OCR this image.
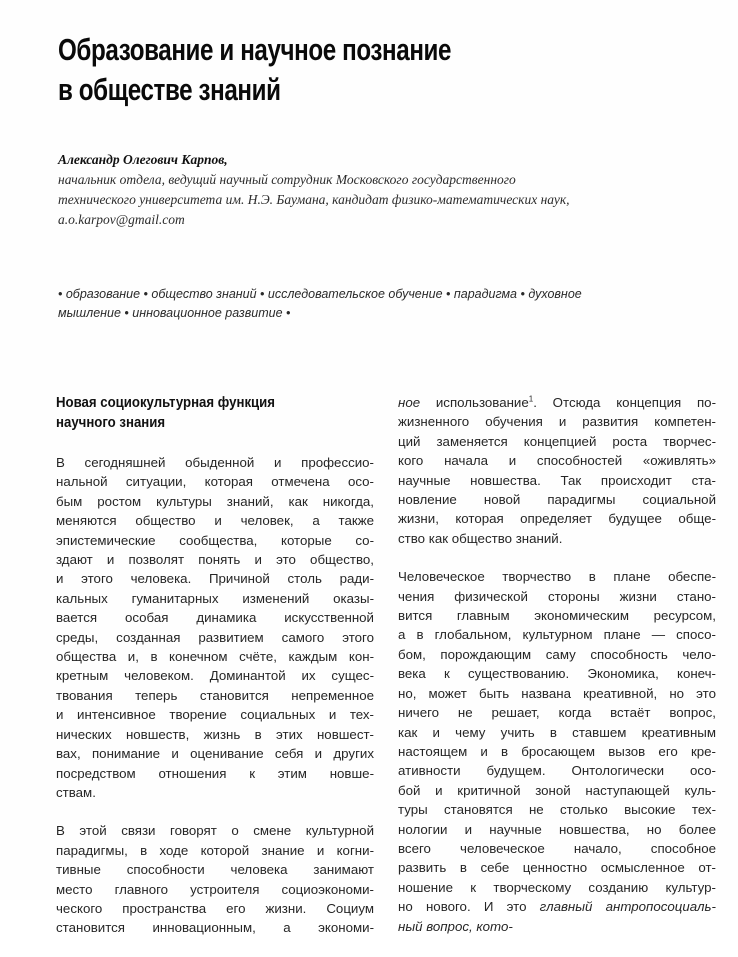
Образование и научное познание
в обществе знаний
Александр Олегович Карпов,
начальник отдела, ведущий научный сотрудник Московского государственного
технического университета им. Н.Э. Баумана, кандидат физико-математических наук,
a.o.karpov@gmail.com
• образование • общество знаний • исследовательское обучение • парадигма • духовное
мышление • инновационное развитие •
Новая социокультурная функция
научного знания
В сегодняшней обыденной и профессио-
нальной ситуации, которая отмечена осо-
бым ростом культуры знаний, как никогда,
меняются общество и человек, а также
эпистемические сообщества, которые со-
здают и позволят понять и это общество,
и этого человека. Причиной столь ради-
кальных гуманитарных изменений оказы-
вается особая динамика искусственной
среды, созданная развитием самого этого
общества и, в конечном счёте, каждым кон-
кретным человеком. Доминантой их сущес-
твования теперь становится непременное
и интенсивное творение социальных и тех-
нических новшеств, жизнь в этих новшест-
вах, понимание и оценивание себя и других
посредством отношения к этим новше-
ствам.
В этой связи говорят о смене культурной
парадигмы, в ходе которой знание и когни-
тивные способности человека занимают
место главного устроителя социоэкономи-
ческого пространства его жизни. Социум
становится инновационным, а экономи-
ное использование$^1$. Отсюда концепция по-
жизненного обучения и развития компетен-
ций заменяется концепцией роста творчес-
кого начала и способностей «оживлять»
научные новшества. Так происходит ста-
новление новой парадигмы социальной
жизни, которая определяет будущее обще-
ство как общество знаний.
Человеческое творчество в плане обеспе-
чения физической стороны жизни стано-
вится главным экономическим ресурсом,
а в глобальном, культурном плане — спосо-
бом, порождающим саму способность чело-
века к существованию. Экономика, конеч-
но, может быть названа креативной, но это
ничего не решает, когда встаёт вопрос,
как и чему учить в ставшем креативным
настоящем и в бросающем вызов его кре-
ативности будущем. Онтологически осо-
бой и критичной зоной наступающей куль-
туры становятся не столько высокие тех-
нологии и научные новшества, но более
всего человеческое начало, способное
развить в себе ценностно осмысленное от-
ношение к творческому созданию культур-
но нового. И это главный антропосоциаль-
ный вопрос, кото-
